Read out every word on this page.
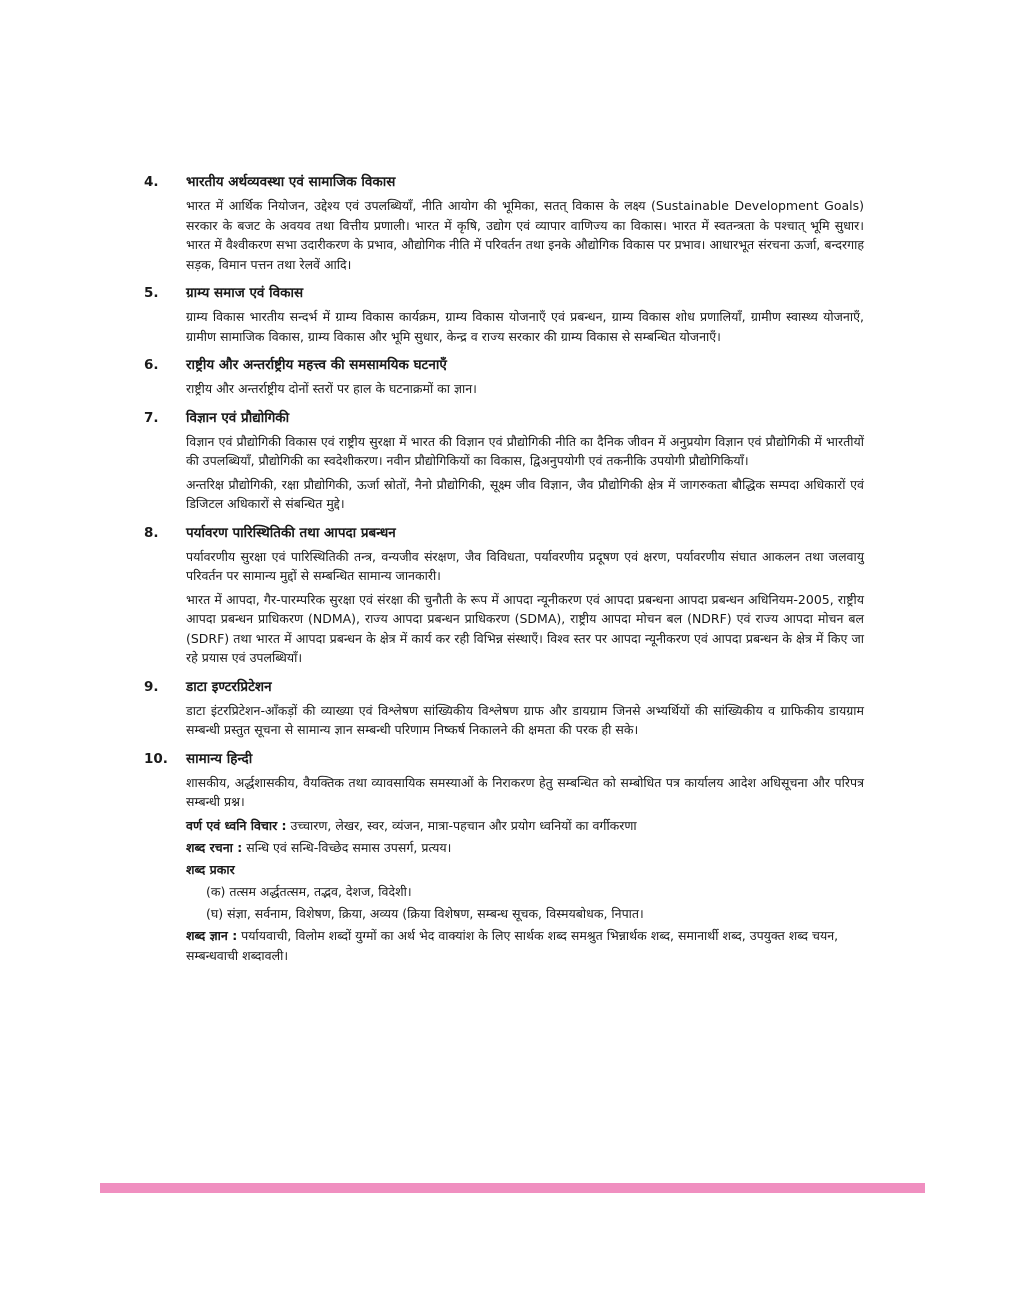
4.	भारतीय अर्थव्यवस्था एवं सामाजिक विकास

भारत में आर्थिक नियोजन, उद्देश्य एवं उपलब्धियाँ, नीति आयोग की भूमिका, सतत् विकास के लक्ष्य (Sustainable Development Goals) सरकार के बजट के अवयव तथा वित्तीय प्रणाली। भारत में कृषि, उद्योग एवं व्यापार वाणिज्य का विकास। भारत में स्वतन्त्रता के पश्चात् भूमि सुधार। भारत में वैश्वीकरण सभा उदारीकरण के प्रभाव, औद्योगिक नीति में परिवर्तन तथा इनके औद्योगिक विकास पर प्रभाव। आधारभूत संरचना ऊर्जा, बन्दरगाह सड़क, विमान पत्तन तथा रेलवें आदि।

5.	ग्राम्य समाज एवं विकास

ग्राम्य विकास भारतीय सन्दर्भ में ग्राम्य विकास कार्यक्रम, ग्राम्य विकास योजनाएँ एवं प्रबन्धन, ग्राम्य विकास शोध प्रणालियाँ, ग्रामीण स्वास्थ्य योजनाएँ, ग्रामीण सामाजिक विकास, ग्राम्य विकास और भूमि सुधार, केन्द्र व राज्य सरकार की ग्राम्य विकास से सम्बन्धित योजनाएँ।

6.	राष्ट्रीय और अन्तर्राष्ट्रीय महत्त्व की समसामयिक घटनाएँ

राष्ट्रीय और अन्तर्राष्ट्रीय दोनों स्तरों पर हाल के घटनाक्रमों का ज्ञान।

7.	विज्ञान एवं प्रौद्योगिकी

विज्ञान एवं प्रौद्योगिकी विकास एवं राष्ट्रीय सुरक्षा में भारत की विज्ञान एवं प्रौद्योगिकी नीति का दैनिक जीवन में अनुप्रयोग विज्ञान एवं प्रौद्योगिकी में भारतीयों की उपलब्धियाँ, प्रौद्योगिकी का स्वदेशीकरण। नवीन प्रौद्योगिकियों का विकास, द्विअनुपयोगी एवं तकनीकि उपयोगी प्रौद्योगिकियाँ।

अन्तरिक्ष प्रौद्योगिकी, रक्षा प्रौद्योगिकी, ऊर्जा स्रोतों, नैनो प्रौद्योगिकी, सूक्ष्म जीव विज्ञान, जैव प्रौद्योगिकी क्षेत्र में जागरुकता बौद्धिक सम्पदा अधिकारों एवं डिजिटल अधिकारों से संबन्धित मुद्दे।

8.	पर्यावरण पारिस्थितिकी तथा आपदा प्रबन्धन

पर्यावरणीय सुरक्षा एवं पारिस्थितिकी तन्त्र, वन्यजीव संरक्षण, जैव विविधता, पर्यावरणीय प्रदूषण एवं क्षरण, पर्यावरणीय संघात आकलन तथा जलवायु परिवर्तन पर सामान्य मुद्दों से सम्बन्धित सामान्य जानकारी।

भारत में आपदा, गैर-पारम्परिक सुरक्षा एवं संरक्षा की चुनौती के रूप में आपदा न्यूनीकरण एवं आपदा प्रबन्धना आपदा प्रबन्धन अधिनियम-2005, राष्ट्रीय आपदा प्रबन्धन प्राधिकरण (NDMA), राज्य आपदा प्रबन्धन प्राधिकरण (SDMA), राष्ट्रीय आपदा मोचन बल (NDRF) एवं राज्य आपदा मोचन बल (SDRF) तथा भारत में आपदा प्रबन्धन के क्षेत्र में कार्य कर रही विभिन्न संस्थाएँ। विश्व स्तर पर आपदा न्यूनीकरण एवं आपदा प्रबन्धन के क्षेत्र में किए जा रहे प्रयास एवं उपलब्धियाँ।

9.	डाटा इण्टरप्रिटेशन

डाटा इंटरप्रिटेशन-आँकड़ों की व्याख्या एवं विश्लेषण सांख्यिकीय विश्लेषण ग्राफ और डायग्राम जिनसे अभ्यर्थियों की सांख्यिकीय व ग्राफिकीय डायग्राम सम्बन्धी प्रस्तुत सूचना से सामान्य ज्ञान सम्बन्धी परिणाम निष्कर्ष निकालने की क्षमता की परक ही सके।

10.	सामान्य हिन्दी

शासकीय, अर्द्धशासकीय, वैयक्तिक तथा व्यावसायिक समस्याओं के निराकरण हेतु सम्बन्धित को सम्बोधित पत्र कार्यालय आदेश अधिसूचना और परिपत्र सम्बन्धी प्रश्न।

वर्ण एवं ध्वनि विचार : उच्चारण, लेखर, स्वर, व्यंजन, मात्रा-पहचान और प्रयोग ध्वनियों का वर्गीकरणा
शब्द रचना : सन्धि एवं सन्धि-विच्छेद समास उपसर्ग, प्रत्यय।
शब्द प्रकार
(क) तत्सम अर्द्धतत्सम, तद्भव, देशज, विदेशी।
(घ) संज्ञा, सर्वनाम, विशेषण, क्रिया, अव्यय (क्रिया विशेषण, सम्बन्ध सूचक, विस्मयबोधक, निपात।
शब्द ज्ञान : पर्यायवाची, विलोम शब्दों युग्मों का अर्थ भेद वाक्यांश के लिए सार्थक शब्द समश्रुत भिन्नार्थक शब्द, समानार्थी शब्द, उपयुक्त शब्द चयन, सम्बन्धवाची शब्दावली।
